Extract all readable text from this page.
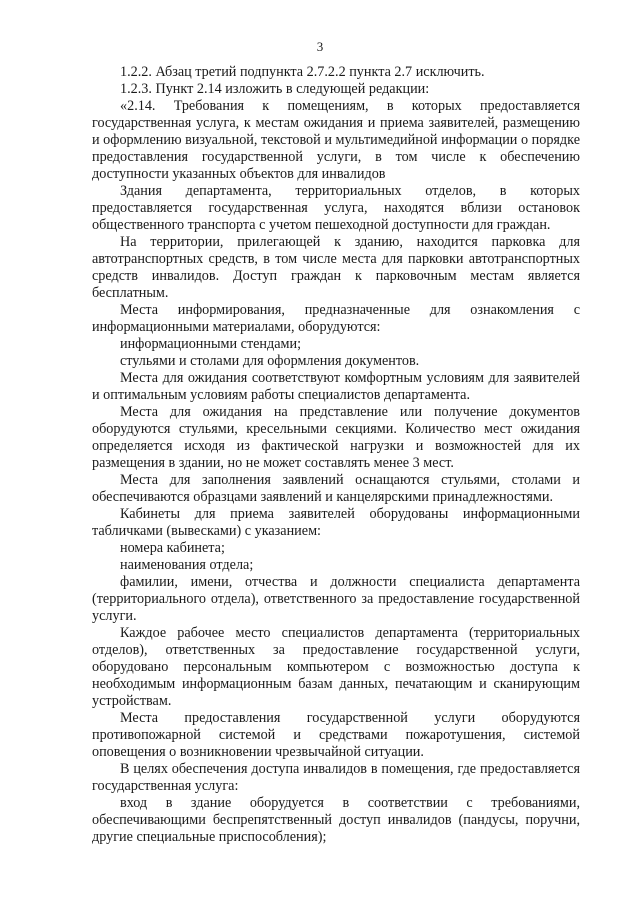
3

1.2.2. Абзац третий подпункта 2.7.2.2 пункта 2.7 исключить.

1.2.3. Пункт 2.14 изложить в следующей редакции:

«2.14. Требования к помещениям, в которых предоставляется государственная услуга, к местам ожидания и приема заявителей, размещению и оформлению визуальной, текстовой и мультимедийной информации о порядке предоставления государственной услуги, в том числе к обеспечению доступности указанных объектов для инвалидов

Здания департамента, территориальных отделов, в которых предоставляется государственная услуга, находятся вблизи остановок общественного транспорта с учетом пешеходной доступности для граждан.

На территории, прилегающей к зданию, находится парковка для автотранспортных средств, в том числе места для парковки автотранспортных средств инвалидов. Доступ граждан к парковочным местам является бесплатным.

Места информирования, предназначенные для ознакомления с информационными материалами, оборудуются:

информационными стендами;

стульями и столами для оформления документов.

Места для ожидания соответствуют комфортным условиям для заявителей и оптимальным условиям работы специалистов департамента.

Места для ожидания на представление или получение документов оборудуются стульями, кресельными секциями. Количество мест ожидания определяется исходя из фактической нагрузки и возможностей для их размещения в здании, но не может составлять менее 3 мест.

Места для заполнения заявлений оснащаются стульями, столами и обеспечиваются образцами заявлений и канцелярскими принадлежностями.

Кабинеты для приема заявителей оборудованы информационными табличками (вывесками) с указанием:

номера кабинета;

наименования отдела;

фамилии, имени, отчества и должности специалиста департамента (территориального отдела), ответственного за предоставление государственной услуги.

Каждое рабочее место специалистов департамента (территориальных отделов), ответственных за предоставление государственной услуги, оборудовано персональным компьютером с возможностью доступа к необходимым информационным базам данных, печатающим и сканирующим устройствам.

Места предоставления государственной услуги оборудуются противопожарной системой и средствами пожаротушения, системой оповещения о возникновении чрезвычайной ситуации.

В целях обеспечения доступа инвалидов в помещения, где предоставляется государственная услуга:

вход в здание оборудуется в соответствии с требованиями, обеспечивающими беспрепятственный доступ инвалидов (пандусы, поручни, другие специальные приспособления);
